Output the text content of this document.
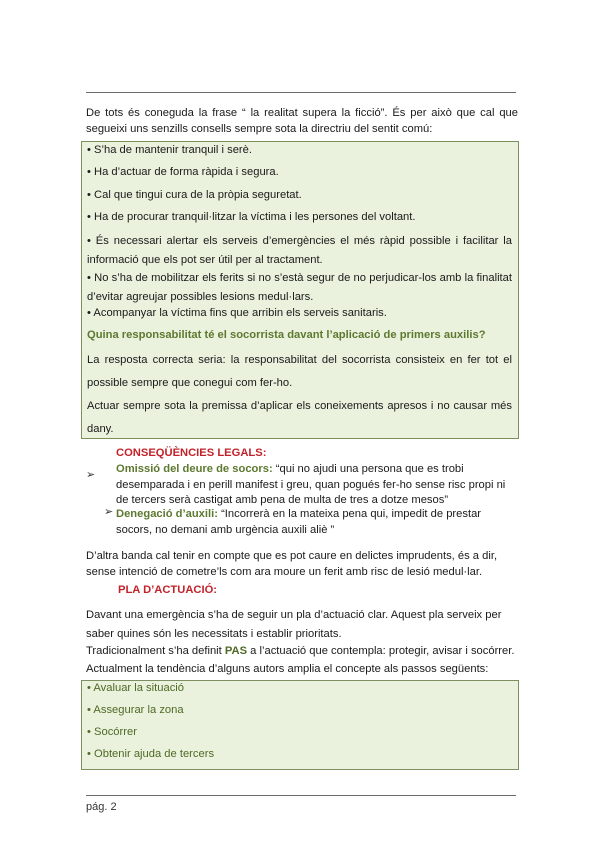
De tots és coneguda la frase “ la realitat supera la ficció”. És per això que cal que segueixi uns senzills consells sempre sota la directriu del sentit comú:

• S’ha de mantenir tranquil i serè.
• Ha d’actuar de forma ràpida i segura.
• Cal que tingui cura de la pròpia seguretat.
• Ha de procurar tranquil·litzar la víctima i les persones del voltant.
• És necessari alertar els serveis d’emergències el més ràpid possible i facilitar la informació que els pot ser útil per al tractament.
• No s’ha de mobilitzar els ferits si no s’està segur de no perjudicar-los amb la finalitat d’evitar agreujar possibles lesions medul·lars.
• Acompanyar la víctima fins que arribin els serveis sanitaris.
Quina responsabilitat té el socorrista davant l’aplicació de primers auxilis?
La resposta correcta seria: la responsabilitat del socorrista consisteix en fer tot el possible sempre que conegui com fer-ho.
Actuar sempre sota la premissa d’aplicar els coneixements apresos i no causar més dany.
CONSEQÜÈNCIES LEGALS:
➢ Omissió del deure de socors: “qui no ajudi una persona que es trobi desemparada i en perill manifest i greu, quan pogués fer-ho sense risc propi ni de tercers serà castigat amb pena de multa de tres a dotze mesos”
➢ Denegació d’auxili: “Incorrerà en la mateixa pena qui, impedit de prestar socors, no demani amb urgència auxili aliè ”

D’altra banda cal tenir en compte que es pot caure en delictes imprudents, és a dir, sense intenció de cometre’ls com ara moure un ferit amb risc de lesió medul·lar.

PLA D’ACTUACIÓ:

Davant una emergència s’ha de seguir un pla d’actuació clar. Aquest pla serveix per saber quines són les necessitats i establir prioritats.

Tradicionalment s’ha definit PAS a l’actuació que contempla: protegir, avisar i socórrer.

Actualment la tendència d’alguns autors amplia el concepte als passos següents:

• Avaluar la situació
• Assegurar la zona
• Socórrer
• Obtenir ajuda de tercers
pág. 2
